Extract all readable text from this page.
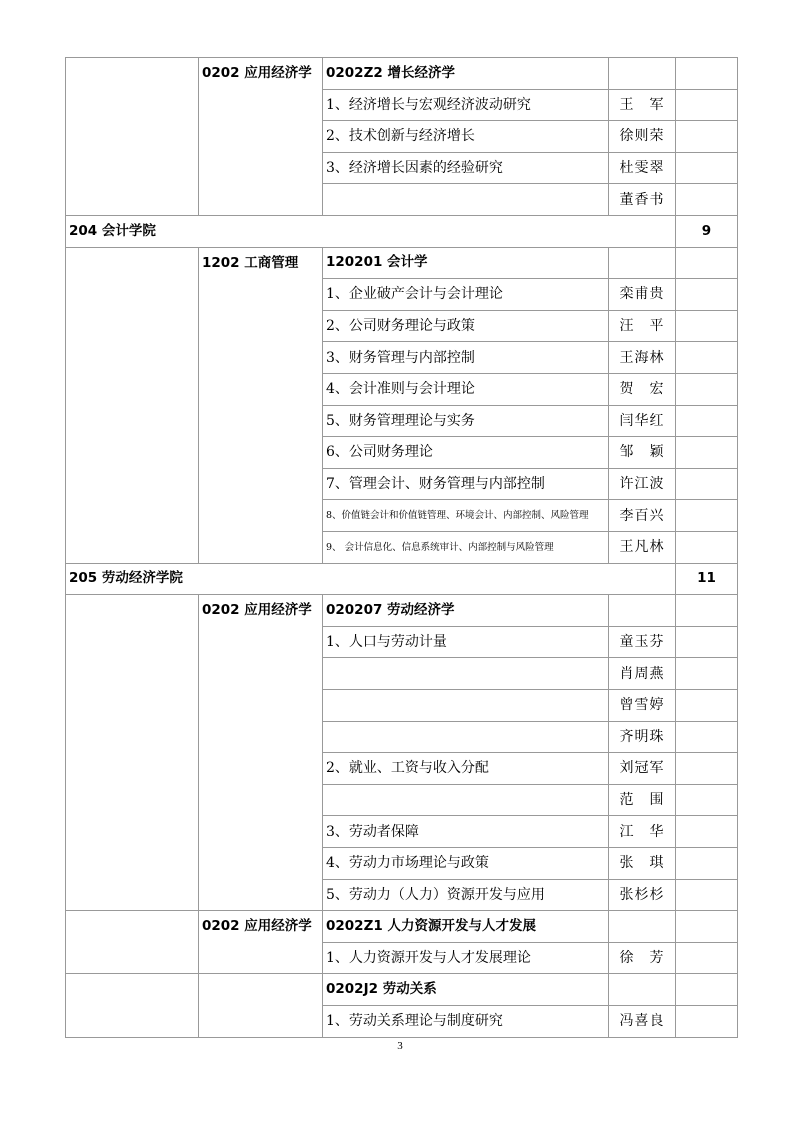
0202 应用经济学	0202Z2 增长经济学
1、经济增长与宏观经济波动研究	王　军
2、技术创新与经济增长	徐则荣
3、经济增长因素的经验研究	杜雯翠
董香书
204 会计学院	9
1202 工商管理	120201 会计学
1、企业破产会计与会计理论	栾甫贵
2、公司财务理论与政策	汪　平
3、财务管理与内部控制	王海林
4、会计准则与会计理论	贺　宏
5、财务管理理论与实务	闫华红
6、公司财务理论	邹　颖
7、管理会计、财务管理与内部控制	许江波
8、价值链会计和价值链管理、环境会计、内部控制、风险管理	李百兴
9、 会计信息化、信息系统审计、内部控制与风险管理	王凡林
205 劳动经济学院	11
0202 应用经济学	020207 劳动经济学
1、人口与劳动计量	童玉芬
肖周燕
曾雪婷
齐明珠
2、就业、工资与收入分配	刘冠军
范　围
3、劳动者保障	江　华
4、劳动力市场理论与政策	张　琪
5、劳动力（人力）资源开发与应用	张杉杉
0202 应用经济学	0202Z1 人力资源开发与人才发展
1、人力资源开发与人才发展理论	徐　芳
0202J2 劳动关系
1、劳动关系理论与制度研究	冯喜良
3
